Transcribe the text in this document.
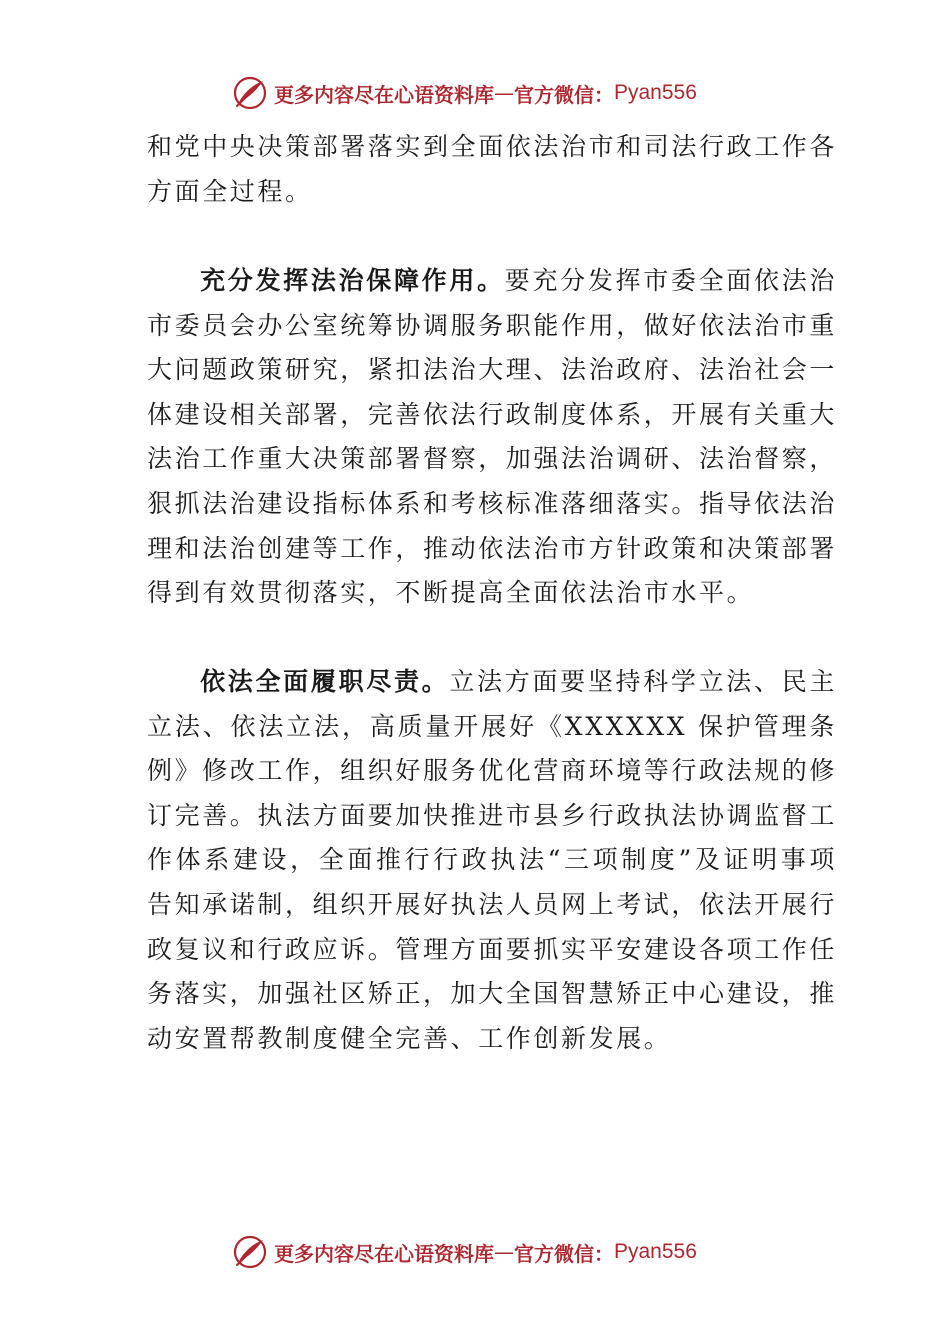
更多内容尽在心语资料库 — 官方微信： Pyan556
和党中央决策部署落实到全面依法治市和司法行政工作各方面全过程。
充分发挥法治保障作用。要充分发挥市委全面依法治市委员会办公室统筹协调服务职能作用，做好依法治市重大问题政策研究，紧扣法治大理、法治政府、法治社会一体建设相关部署，完善依法行政制度体系，开展有关重大法治工作重大决策部署督察，加强法治调研、法治督察，狠抓法治建设指标体系和考核标准落细落实。指导依法治理和法治创建等工作，推动依法治市方针政策和决策部署得到有效贯彻落实，不断提高全面依法治市水平。
依法全面履职尽责。立法方面要坚持科学立法、民主立法、依法立法，高质量开展好《XXXXXX 保护管理条例》修改工作，组织好服务优化营商环境等行政法规的修订完善。执法方面要加快推进市县乡行政执法协调监督工作体系建设，全面推行行政执法“三项制度”及证明事项告知承诺制，组织开展好执法人员网上考试，依法开展行政复议和行政应诉。管理方面要抓实平安建设各项工作任务落实，加强社区矫正，加大全国智慧矫正中心建设，推动安置帮教制度健全完善、工作创新发展。
更多内容尽在心语资料库 — 官方微信： Pyan556
